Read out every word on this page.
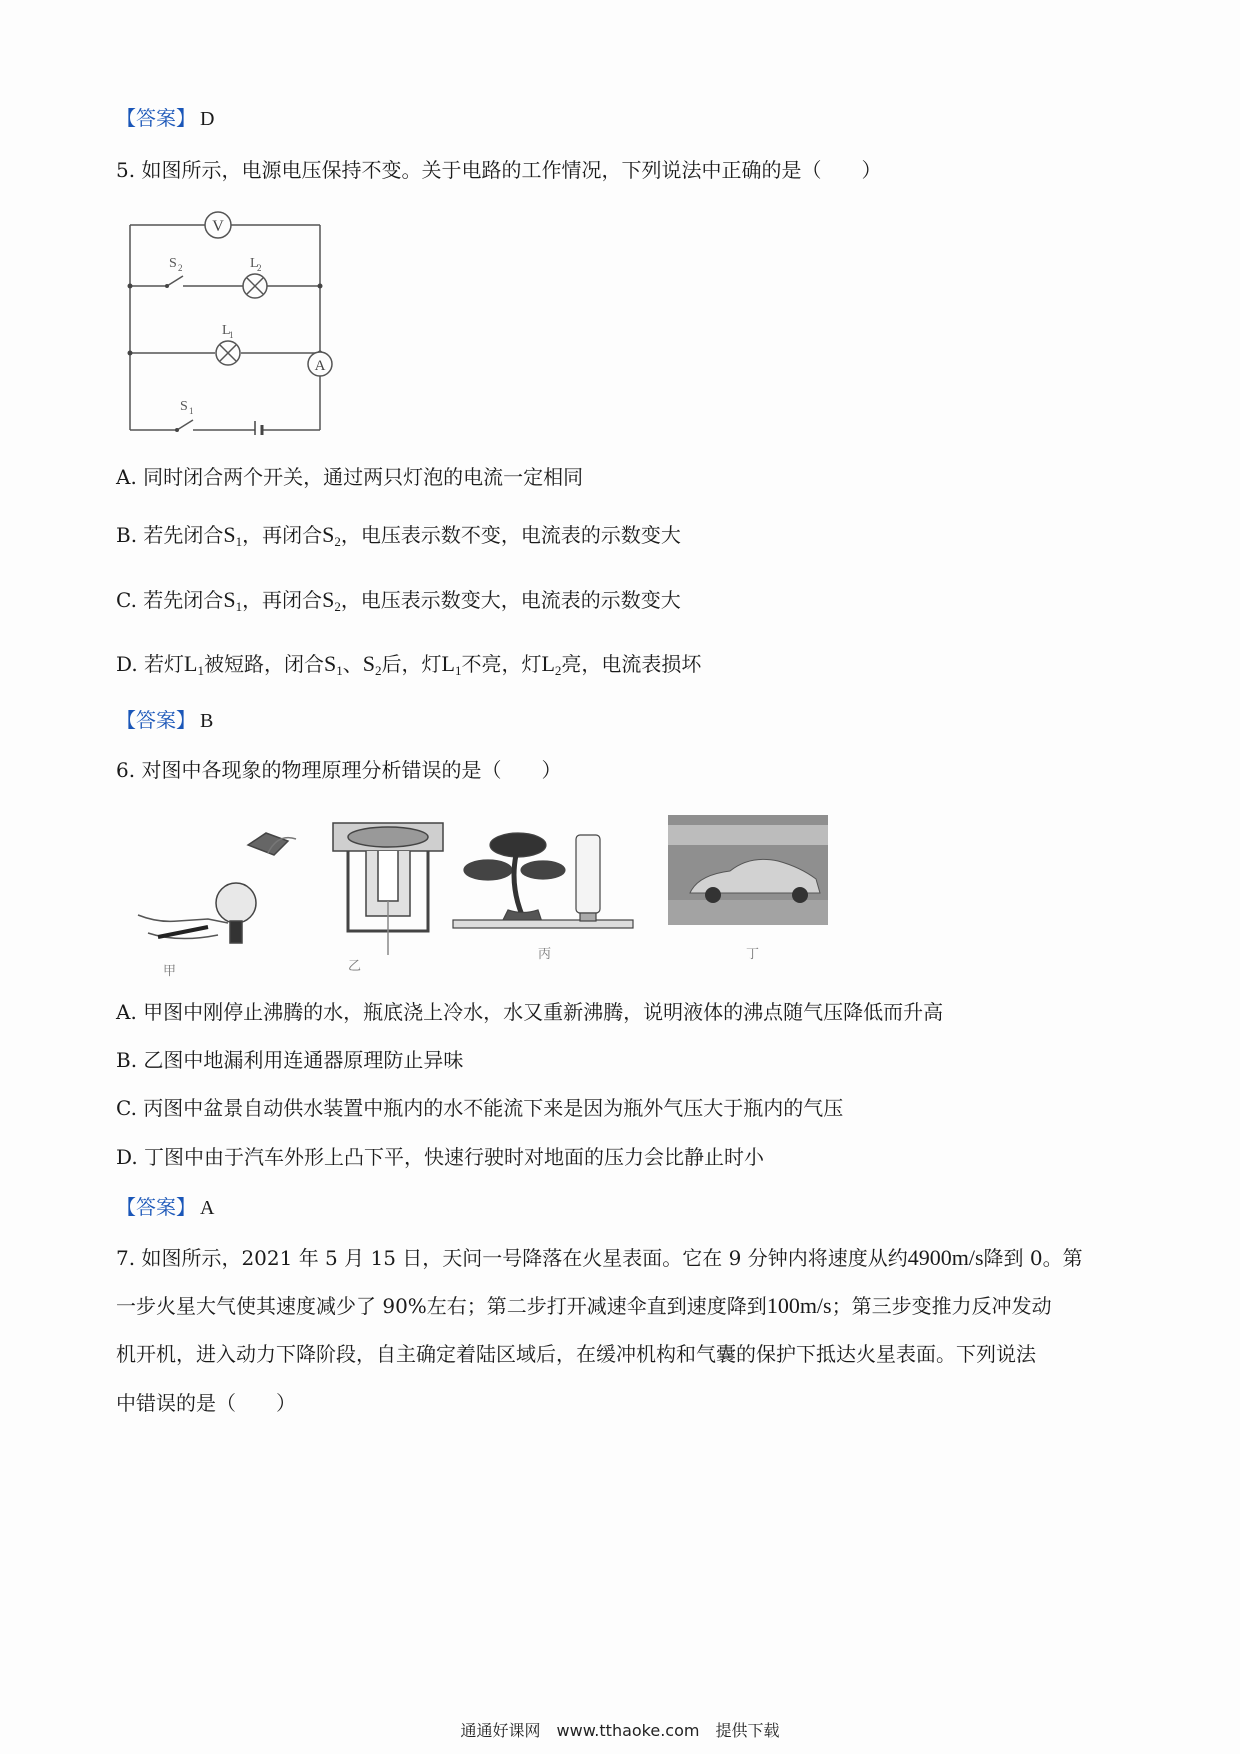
【答案】 D
5. 如图所示，电源电压保持不变。关于电路的工作情况，下列说法中正确的是（　　）
V
A
S 2	L
2
L
1
S 1
A. 同时闭合两个开关，通过两只灯泡的电流一定相同
B. 若先闭合$S_1$，再闭合$S_2$，电压表示数不变，电流表的示数变大
C. 若先闭合$S_1$，再闭合$S_2$，电压表示数变大，电流表的示数变大
D. 若灯$L_1$被短路，闭合$S_1$、$S_2$后，灯$L_1$不亮，灯$L_2$亮，电流表损坏
【答案】 B
6. 对图中各现象的物理原理分析错误的是（　　）
甲	乙
丙	丁
A. 甲图中刚停止沸腾的水，瓶底浇上冷水，水又重新沸腾，说明液体的沸点随气压降低而升高
B. 乙图中地漏利用连通器原理防止异味
C. 丙图中盆景自动供水装置中瓶内的水不能流下来是因为瓶外气压大于瓶内的气压
D. 丁图中由于汽车外形上凸下平，快速行驶时对地面的压力会比静止时小
【答案】 A
7. 如图所示，2021 年 5 月 15 日，天问一号降落在火星表面。它在 9 分钟内将速度从约4900m/s降到 0。第
一步火星大气使其速度减少了 90%左右；第二步打开减速伞直到速度降到100m/s；第三步变推力反冲发动
机开机，进入动力下降阶段，自主确定着陆区域后，在缓冲机构和气囊的保护下抵达火星表面。下列说法
中错误的是（　　）
通通好课网　www.tthaoke.com　提供下载
